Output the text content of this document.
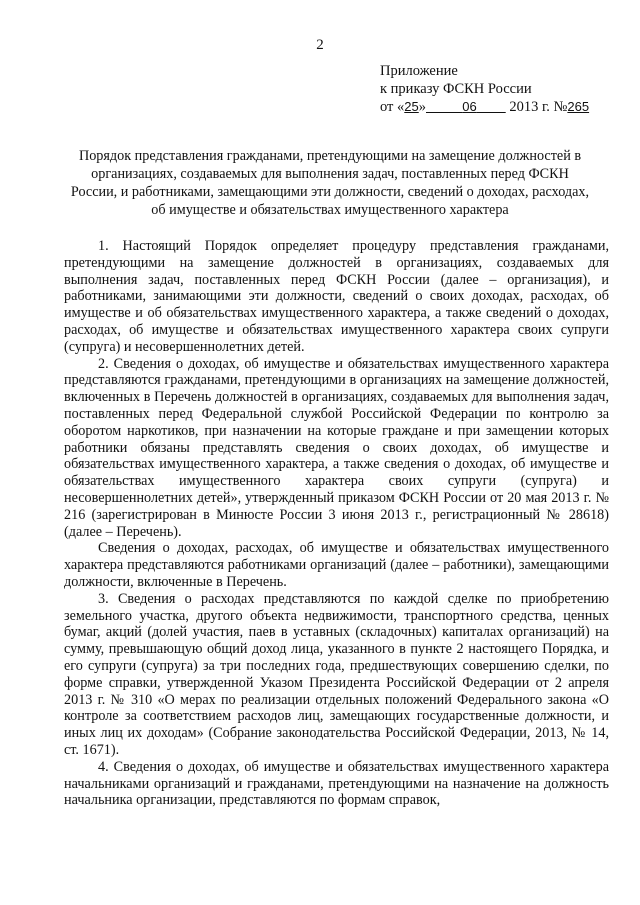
2
Приложение
к приказу ФСКН России
от «25»	06 2013 г. №265
Порядок представления гражданами, претендующими на замещение должностей в организациях, создаваемых для выполнения задач, поставленных перед ФСКН России, и работниками, замещающими эти должности, сведений о доходах, расходах, об имуществе и обязательствах имущественного характера

1. Настоящий Порядок определяет процедуру представления гражданами, претендующими на замещение должностей в организациях, создаваемых для выполнения задач, поставленных перед ФСКН России (далее – организация), и работниками, занимающими эти должности, сведений о своих доходах, расходах, об имуществе и об обязательствах имущественного характера, а также сведений о доходах, расходах, об имуществе и обязательствах имущественного характера своих супруги (супруга) и несовершеннолетних детей.

2. Сведения о доходах, об имуществе и обязательствах имущественного характера представляются гражданами, претендующими в организациях на замещение должностей, включенных в Перечень должностей в организациях, создаваемых для выполнения задач, поставленных перед Федеральной службой Российской Федерации по контролю за оборотом наркотиков, при назначении на которые граждане и при замещении которых работники обязаны представлять сведения о своих доходах, об имуществе и обязательствах имущественного характера, а также сведения о доходах, об имуществе и обязательствах имущественного характера своих супруги (супруга) и несовершеннолетних детей», утвержденный приказом ФСКН России от 20 мая 2013 г. № 216 (зарегистрирован в Минюсте России 3 июня 2013 г., регистрационный № 28618) (далее – Перечень).

Сведения о доходах, расходах, об имуществе и обязательствах имущественного характера представляются работниками организаций (далее – работники), замещающими должности, включенные в Перечень.

3. Сведения о расходах представляются по каждой сделке по приобретению земельного участка, другого объекта недвижимости, транспортного средства, ценных бумаг, акций (долей участия, паев в уставных (складочных) капиталах организаций) на сумму, превышающую общий доход лица, указанного в пункте 2 настоящего Порядка, и его супруги (супруга) за три последних года, предшествующих совершению сделки, по форме справки, утвержденной Указом Президента Российской Федерации от 2 апреля 2013 г. № 310 «О мерах по реализации отдельных положений Федерального закона «О контроле за соответствием расходов лиц, замещающих государственные должности, и иных лиц их доходам» (Собрание законодательства Российской Федерации, 2013, № 14, ст. 1671).

4. Сведения о доходах, об имуществе и обязательствах имущественного характера начальниками организаций и гражданами, претендующими на назначение на должность начальника организации, представляются по формам справок,
